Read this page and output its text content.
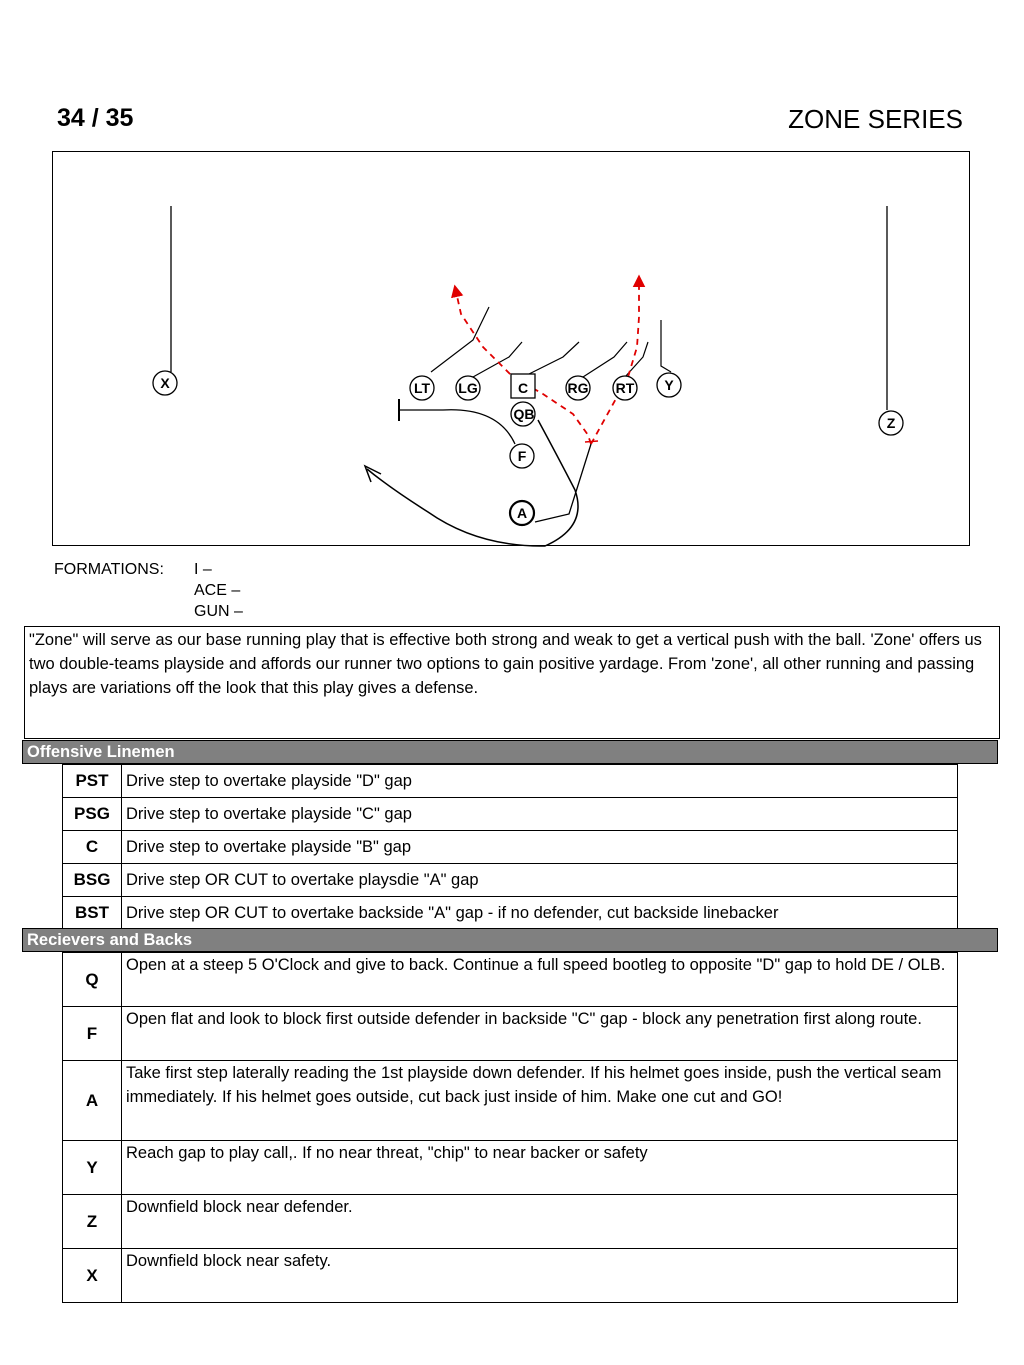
34 / 35	ZONE SERIES
X	LT LG	C	RG RT Y
QB
Z
F
A
FORMATIONS: I –
ACE –
GUN –
"Zone" will serve as our base running play that is effective both strong and weak to get a vertical push with the ball. 'Zone' offers us two double-teams playside and affords our runner two options to gain positive yardage. From 'zone', all other running and passing plays are variations off the look that this play gives a defense.
Offensive Linemen
PST	Drive step to overtake playside "D" gap
PSG	Drive step to overtake playside "C" gap
C	Drive step to overtake playside "B" gap
BSG	Drive step OR CUT to overtake playsdie "A" gap
BST	Drive step OR CUT to overtake backside "A" gap - if no defender, cut backside linebacker
Recievers and Backs
Q	Open at a steep 5 O'Clock and give to back. Continue a full speed bootleg to opposite "D" gap to hold DE / OLB.
F	Open flat and look to block first outside defender in backside "C" gap - block any penetration first along route.
A	Take first step laterally reading the 1st playside down defender. If his helmet goes inside, push the vertical seam immediately. If his helmet goes outside, cut back just inside of him. Make one cut and GO!
Y	Reach gap to play call,. If no near threat, "chip" to near backer or safety
Z	Downfield block near defender.
X	Downfield block near safety.
